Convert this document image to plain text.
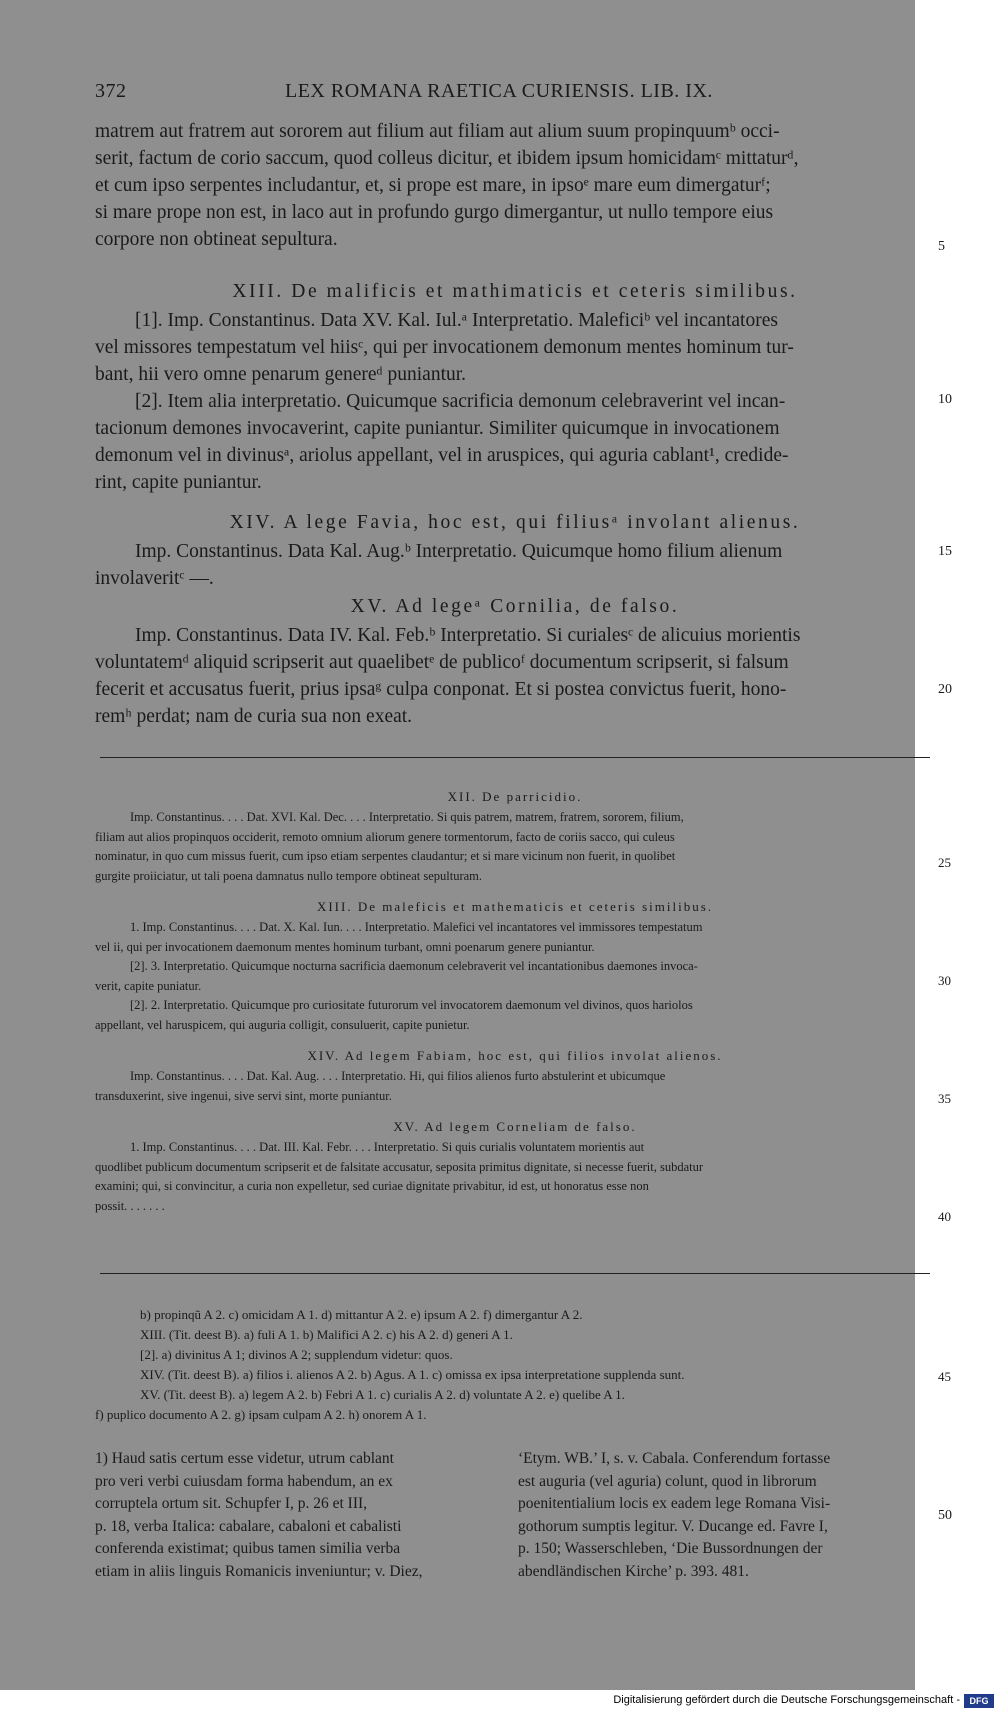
372	LEX ROMANA RAETICA CURIENSIS. LIB. IX.
matrem aut fratrem aut sororem aut filium aut filiam aut alium suum propinquumᵇ occi-
serit, factum de corio saccum, quod colleus dicitur, et ibidem ipsum homicidamᶜ mittaturᵈ,
et cum ipso serpentes includantur, et, si prope est mare, in ipsoᵉ mare eum dimergaturᶠ;
si mare prope non est, in laco aut in profundo gurgo dimergantur, ut nullo tempore eius
corpore non obtineat sepultura.
XIII. De malificis et mathimaticis et ceteris similibus.
[1]. Imp. Constantinus. Data XV. Kal. Iul.ᵃ Interpretatio. Maleficiᵇ vel incantatores
vel missores tempestatum vel hiisᶜ, qui per invocationem demonum mentes hominum tur-
bant, hii vero omne penarum genereᵈ puniantur.
[2]. Item alia interpretatio. Quicumque sacrificia demonum celebraverint vel incan-
tacionum demones invocaverint, capite puniantur. Similiter quicumque in invocationem
demonum vel in divinusᵃ, ariolus appellant, vel in aruspices, qui aguria cablant¹, credide-
rint, capite puniantur.
XIV. A lege Favia, hoc est, qui filiusᵃ involant alienus.
Imp. Constantinus. Data Kal. Aug.ᵇ Interpretatio. Quicumque homo filium alienum
involaveritᶜ —.
XV. Ad legeᵃ Cornilia, de falso.
Imp. Constantinus. Data IV. Kal. Feb.ᵇ Interpretatio. Si curialesᶜ de alicuius morientis
voluntatemᵈ aliquid scripserit aut quaelibetᵉ de publicoᶠ documentum scripserit, si falsum
fecerit et accusatus fuerit, prius ipsaᵍ culpa conponat. Et si postea convictus fuerit, hono-
remʰ perdat; nam de curia sua non exeat.
5
10
15
20
XII. De parricidio.
Imp. Constantinus. . . . Dat. XVI. Kal. Dec. . . . Interpretatio. Si quis patrem, matrem, fratrem, sororem, filium,
filiam aut alios propinquos occiderit, remoto omnium aliorum genere tormentorum, facto de coriis sacco, qui culeus
nominatur, in quo cum missus fuerit, cum ipso etiam serpentes claudantur; et si mare vicinum non fuerit, in quolibet
gurgite proiiciatur, ut tali poena damnatus nullo tempore obtineat sepulturam.
XIII. De maleficis et mathematicis et ceteris similibus.
1. Imp. Constantinus. . . . Dat. X. Kal. Iun. . . . Interpretatio. Malefici vel incantatores vel immissores tempestatum
vel ii, qui per invocationem daemonum mentes hominum turbant, omni poenarum genere puniantur.
[2]. 3. Interpretatio. Quicumque nocturna sacrificia daemonum celebraverit vel incantationibus daemones invoca-
verit, capite puniatur.
[2]. 2. Interpretatio. Quicumque pro curiositate futurorum vel invocatorem daemonum vel divinos, quos hariolos
appellant, vel haruspicem, qui auguria colligit, consuluerit, capite punietur.
XIV. Ad legem Fabiam, hoc est, qui filios involat alienos.
Imp. Constantinus. . . . Dat. Kal. Aug. . . . Interpretatio. Hi, qui filios alienos furto abstulerint et ubicumque
transduxerint, sive ingenui, sive servi sint, morte puniantur.
XV. Ad legem Corneliam de falso.
1. Imp. Constantinus. . . . Dat. III. Kal. Febr. . . . Interpretatio. Si quis curialis voluntatem morientis aut
quodlibet publicum documentum scripserit et de falsitate accusatur, seposita primitus dignitate, si necesse fuerit, subdatur
examini; qui, si convincitur, a curia non expelletur, sed curiae dignitate privabitur, id est, ut honoratus esse non
possit. . . . . . .
25
30
35
40
b) propinqũ A 2. c) omicidam A 1. d) mittantur A 2. e) ipsum A 2. f) dimergantur A 2.
XIII. (Tit. deest B). a) fuli A 1. b) Malifici A 2. c) his A 2. d) generi A 1.
[2]. a) divinitus A 1; divinos A 2; supplendum videtur: quos.
XIV. (Tit. deest B). a) filios i. alienos A 2. b) Agus. A 1. c) omissa ex ipsa interpretatione supplenda sunt.
XV. (Tit. deest B). a) legem A 2. b) Febri A 1. c) curialis A 2. d) voluntate A 2. e) quelibe A 1.
f) puplico documento A 2. g) ipsam culpam A 2. h) onorem A 1.
45
1) Haud satis certum esse videtur, utrum cablant
pro veri verbi cuiusdam forma habendum, an ex
corruptela ortum sit. Schupfer I, p. 26 et III,
p. 18, verba Italica: cabalare, cabaloni et cabalisti
conferenda existimat; quibus tamen similia verba
etiam in aliis linguis Romanicis inveniuntur; v. Diez,
‘Etym. WB.’ I, s. v. Cabala. Conferendum fortasse
est auguria (vel aguria) colunt, quod in librorum
poenitentialium locis ex eadem lege Romana Visi-
gothorum sumptis legitur. V. Ducange ed. Favre I,
p. 150; Wasserschleben, ‘Die Bussordnungen der
abendländischen Kirche’ p. 393. 481.
50
Digitalisierung gefördert durch die Deutsche Forschungsgemeinschaft -	DFG
